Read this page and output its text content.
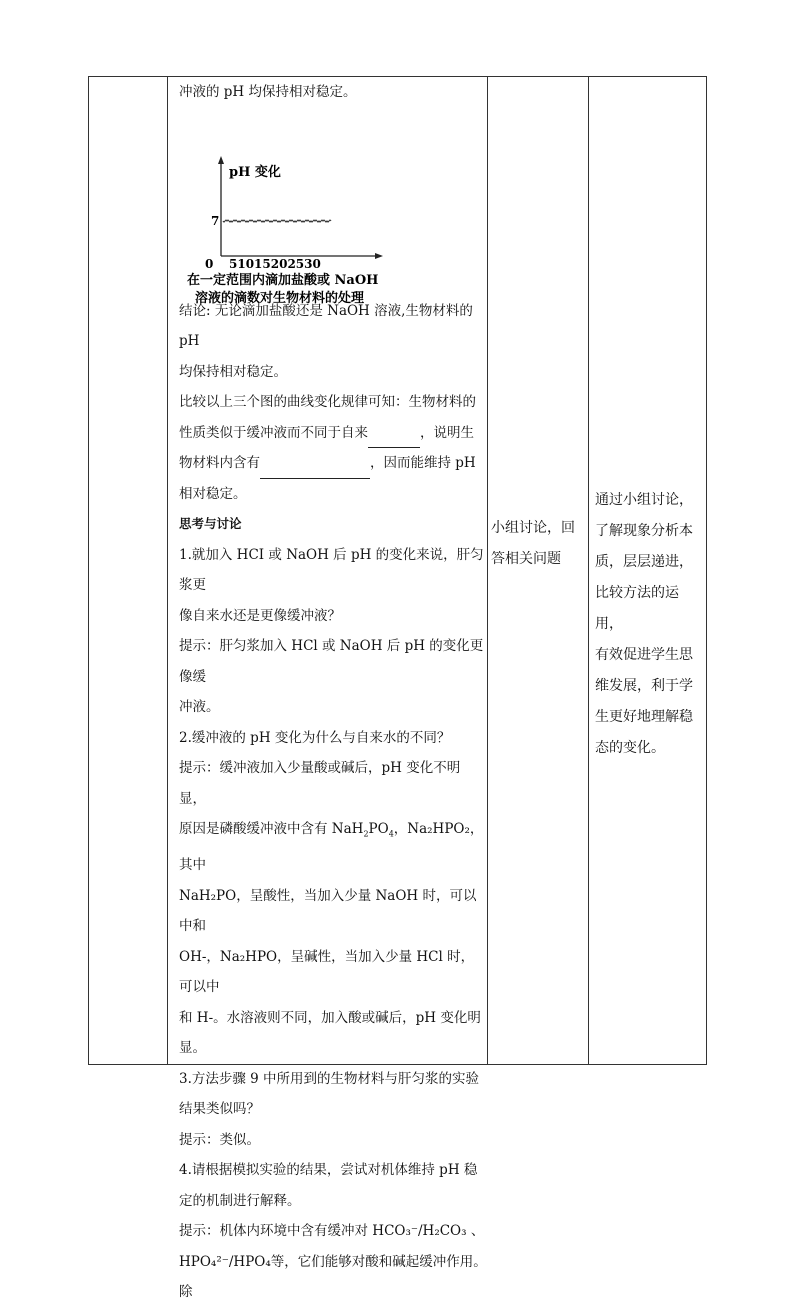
冲液的 pH 均保持相对稳定。

pH 变化
7
0 51015202530
在一定范围内滴加盐酸或 NaOH
溶液的滴数对生物材料的处理

结论: 无论滴加盐酸还是 NaOH 溶液,生物材料的 pH

均保持相对稳定。

比较以上三个图的曲线变化规律可知：生物材料的

性质类似于缓冲液而不同于自来	，说明生

物材料内含有	，因而能维持 pH

相对稳定。

思考与讨论

1.就加入 HCI 或 NaOH 后 pH 的变化来说，肝匀浆更

像自来水还是更像缓冲液？

提示：肝匀浆加入 HCl 或 NaOH 后 pH 的变化更像缓

冲液。

2.缓冲液的 pH 变化为什么与自来水的不同？

提示：缓冲液加入少量酸或碱后，pH 变化不明显，

原因是磷酸缓冲液中含有 $NaH_2PO_4$，Na₂HPO₂，其中

NaH₂PO，呈酸性，当加入少量 NaOH 时，可以中和

OH-，Na₂HPO，呈碱性，当加入少量 HCl 时，可以中

和 H-。水溶液则不同，加入酸或碱后，pH 变化明

显。

3.方法步骤 9 中所用到的生物材料与肝匀浆的实验

结果类似吗？

提示：类似。

4.请根据模拟实验的结果，尝试对机体维持 pH 稳

定的机制进行解释。

提示：机体内环境中含有缓冲对 HCO₃⁻/H₂CO₃ 、

HPO₄²⁻/HPO₄等，它们能够对酸和碱起缓冲作用。除

小组讨论，回
答相关问题
通过小组讨论，
了解现象分析本
质，层层递进，
比较方法的运用，
有效促进学生思
维发展，利于学
生更好地理解稳
态的变化。
